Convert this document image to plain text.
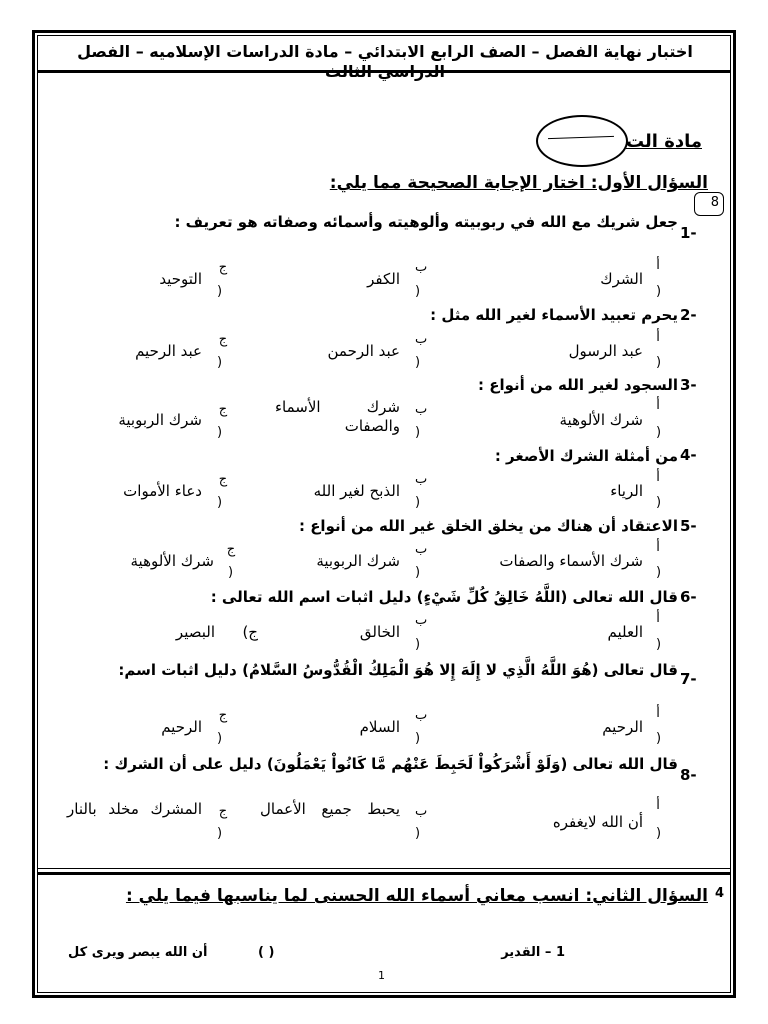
اختبار نهاية الفصل – الصف الرابع الابتدائي – مادة الدراسات الإسلاميه – الفصل الدراسي الثالث
مادة الت
السؤال الأول: اختار الإجابة الصحيحة مما يلي:
8
جعل شريك مع الله في ربوبيته وألوهيته وأسمائه وصفاته هو تعريف :
1-
الشرك
أ
)
الكفر
ب
)
التوحيد
ج
)
يحرم تعبيد الأسماء لغير الله مثل : 2-
عبد الرسول
أ
)
عبد الرحمن
ب
)
عبد الرحيم
ج
)
السجود لغير الله من أنواع : 3-
شرك الألوهية
أ
)
شرك الأسماء والصفات
ب
)
شرك الربوبية
ج
)
من أمثلة الشرك الأصغر : 4-
الرياء
أ
)
الذبح لغير الله
ب
)
دعاء الأموات
ج
)
الاعتقاد أن هناك من يخلق الخلق غير الله من أنواع : 5-
شرك الأسماء والصفات
أ
)
شرك الربوبية
ب
)
شرك الألوهية
ج
)
قال الله تعالى (اللَّهُ خَالِقُ كُلِّ شَيْءٍ) دليل اثبات اسم الله تعالى : 6-
العليم
أ
)
الخالق
ب
)
ج)
البصير
قال تعالى (هُوَ اللَّهُ الَّذِي لا إِلَهَ إِلا هُوَ الْمَلِكُ الْقُدُّوسُ السَّلامُ) دليل اثبات اسم: 7-
الرحيم
أ
)
السلام
ب
)
الرحيم
ج
)
قال الله تعالى (وَلَوْ أَشْرَكُواْ لَحَبِطَ عَنْهُم مَّا كَانُواْ يَعْمَلُونَ) دليل على أن الشرك :
8-
أن الله لايغفره
أ
)
يحبط جميع الأعمال ب
)
المشرك مخلد بالنار ج
)
السؤال الثاني: انسب معاني أسماء الله الحسنى لما يناسبها فيما يلي : 4
1 – القدير
( )
أن الله يبصر ويرى كل
1
